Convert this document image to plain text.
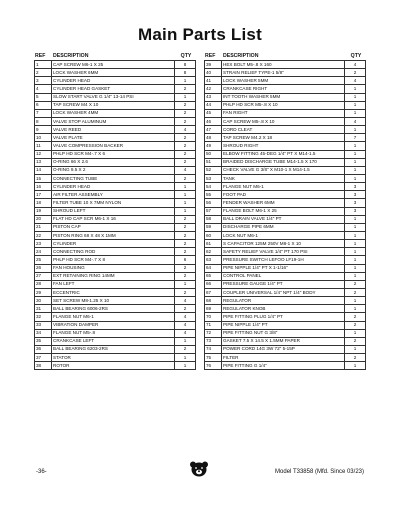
Main Parts List
REF	DESCRIPTION	QTY
1	CAP SCREW M6-1 X 25	8
2	LOCK WASHER 6MM	8
3	CYLINDER HEAD	1
4	CYLINDER HEAD GASKET	2
5	SLOW START VALVE G 1/4" 13-14 PSI	1
6	TAP SCREW M4 X 10	2
7	LOCK WASHER 4MM	2
8	VALVE STOP ALUMINUM	2
9	VALVE REED	4
10	VALVE PLATE	2
11	VALVE COMPRESSION BACKER	2
12	PHLP HD SCR M4-.7 X 6	2
13	O-RING 66 X 2.6	2
14	O-RING 9.5 X 2	4
15	CONNECTING TUBE	2
16	CYLINDER HEAD	1
17	AIR FILTER ASSEMBLY	1
18	FILTER TUBE 10 X 7MM NYLON	1
19	SHROUD LEFT	1
20	FLAT HD CAP SCR M6-1 X 16	2
21	PISTON CAP	2
22	PISTON RING 68 X 48 X 1MM	2
23	CYLINDER	2
24	CONNECTING ROD	2
25	PHLP HD SCR M4-.7 X 8	6
26	FAN HOUSING	2
27	EXT RETAINING RING 14MM	2
28	FAN LEFT	1
29	ECCENTRIC	2
30	SET SCREW M8-1.25 X 10	4
31	BALL BEARING 6006-2RS	2
32	FLANGE NUT M6-1	4
33	VIBRATION DAMPER	4
34	FLANGE NUT M5-.8	4
35	CRANKCASE LEFT	1
36	BALL BEARING 6203-2RS	2
37	STATOR	1
38	ROTOR	1
REF	DESCRIPTION	QTY
39	HEX BOLT M5-.8 X 160	4
40	STRAIN RELIEF TYPE-1 5/8"	2
41	LOCK WASHER 5MM	4
42	CRANKCASE RIGHT	1
43	INT TOOTH WASHER 5MM	1
44	PHLP HD SCR M5-.8 X 10	1
45	FAN RIGHT	1
46	CAP SCREW M5-.8 X 10	4
47	CORD CLEAT	1
48	TAP SCREW M4.2 X 18	7
49	SHROUD RIGHT	1
50	ELBOW FITTING 45-DEG 1/4" PT X M14-1.5	1
51	BRAIDED DISCHARGE TUBE M14-1.5 X 170	1
52	CHECK VALVE G 3/8" X M10-1 X M14-1.5	1
53	TANK	1
54	FLANGE NUT M6-1	3
55	FOOT PAD	3
56	FENDER WASHER 6MM	3
57	FLANGE BOLT M6-1 X 25	3
58	BALL DRAIN VALVE 1/4" PT	1
59	DISCHARGE PIPE 6MM	1
60	LOCK NUT M6-1	1
61	S CAPACITOR 125M 250V M8-1 X 10	1
62	SAFETY RELIEF VALVE 1/4" PT 170 PSI	1
63	PRESSURE SWITCH LEFOO LF19-1H	1
64	PIPE NIPPLE 1/4" PT X 1-1/16"	1
65	CONTROL PANEL	1
66	PRESSURE GAUGE 1/4" PT	2
67	COUPLER UNIVERSAL 1/4" NPT 1/4" BODY	2
68	REGULATOR	1
69	REGULATOR KNOB	1
70	PIPE FITTING PLUG 1/4" PT	2
71	PIPE NIPPLE 1/4" PT	2
72	PIPE FITTING NUT G 3/8"	1
73	GASKET 7.5 X 14.5 X 1.5MM PAPER	2
74	POWER CORD 14G 3W 72" 5-15P	1
75	FILTER	2
76	PIPE FITTING G 1/4"	1
-36-	Model T33858 (Mfd. Since 03/23)
